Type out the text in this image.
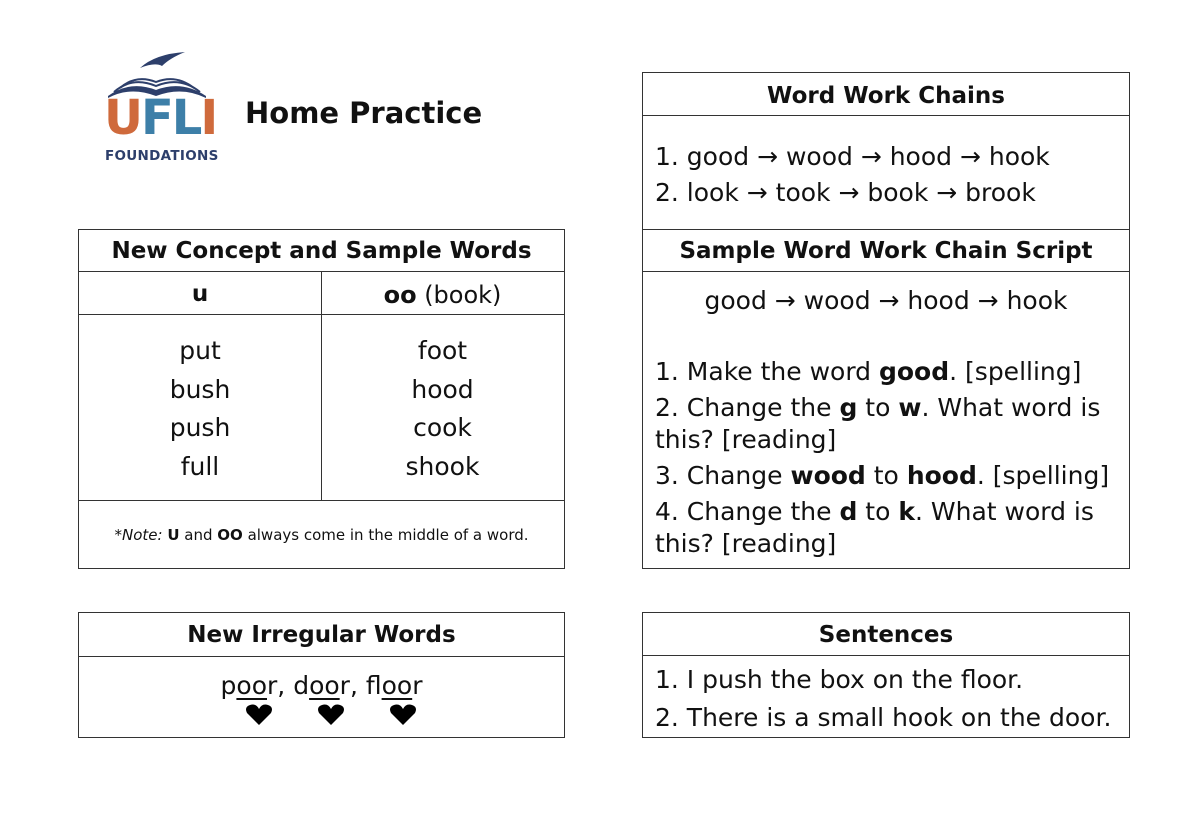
UFLI
FOUNDATIONS
Home Practice
New Concept and Sample Words
u	oo (book)
put
bush
push
full
foot
hood
cook
shook
*Note: U and OO always come in the middle of a word.
New Irregular Words
poor, door, floor
Word Work Chains
1. good → wood → hood → hook
2. look → took → book → brook
Sample Word Work Chain Script
good → wood → hood → hook
1. Make the word good. [spelling]
2. Change the g to w. What word is this? [reading]
3. Change wood to hood. [spelling]
4. Change the d to k. What word is this? [reading]
Sentences
1. I push the box on the floor.
2. There is a small hook on the door.
